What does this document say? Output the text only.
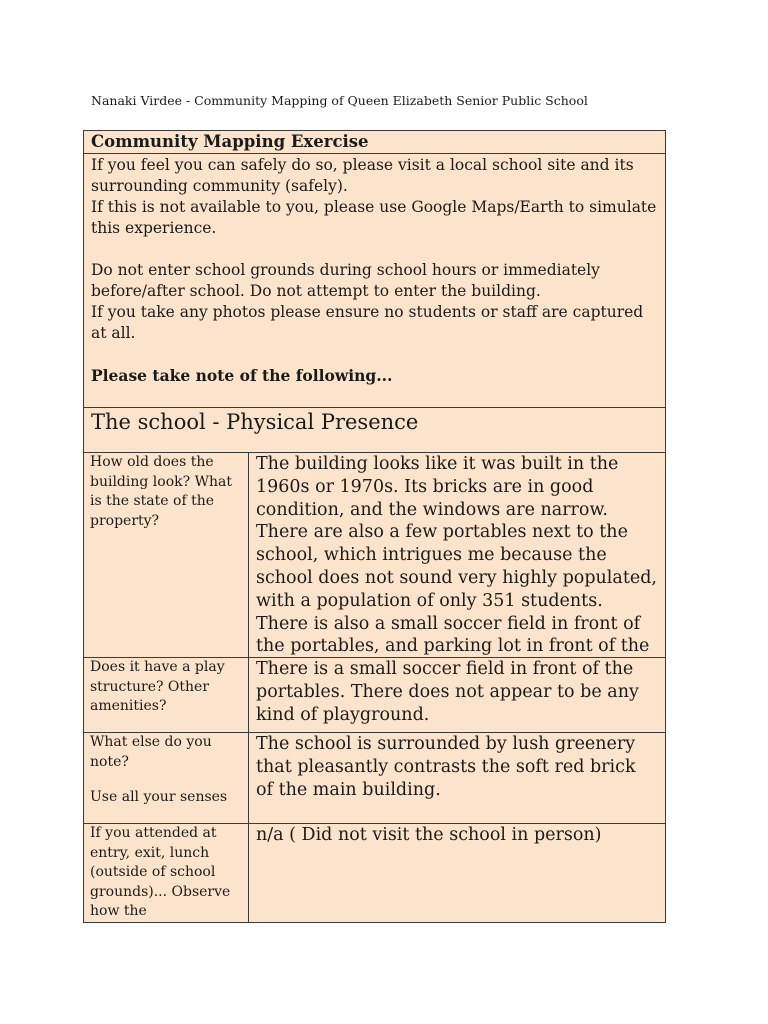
Nanaki Virdee - Community Mapping of Queen Elizabeth Senior Public School
Community Mapping Exercise

If you feel you can safely do so, please visit a local school site and its surrounding community (safely).

If this is not available to you, please use Google Maps/Earth to simulate this experience.

Do not enter school grounds during school hours or immediately before/after school. Do not attempt to enter the building.

If you take any photos please ensure no students or staff are captured at all.

Please take note of the following...

The school - Physical Presence

How old does the building look? What is the state of the property?

The building looks like it was built in the 1960s or 1970s. Its bricks are in good condition, and the windows are narrow. There are also a few portables next to the school, which intrigues me because the school does not sound very highly populated, with a population of only 351 students. There is also a small soccer field in front of the portables, and parking lot in front of the

Does it have a play structure? Other amenities?

There is a small soccer field in front of the portables. There does not appear to be any kind of playground.

What else do you note?

Use all your senses

The school is surrounded by lush greenery that pleasantly contrasts the soft red brick of the main building.

If you attended at entry, exit, lunch (outside of school grounds)... Observe how the

n/a ( Did not visit the school in person)
